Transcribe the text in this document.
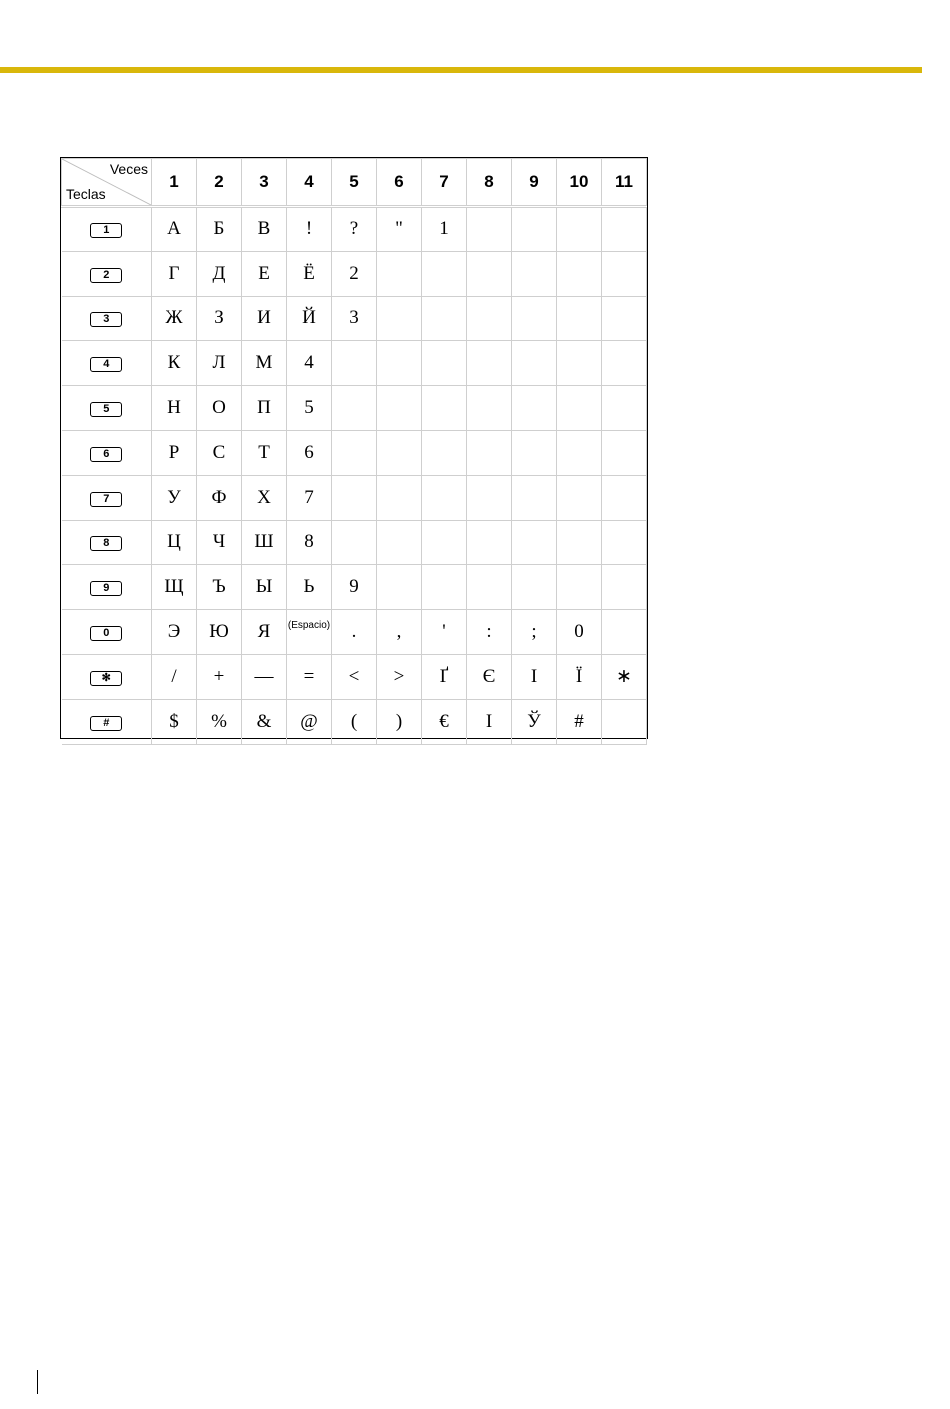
Veces
Teclas	1	2	3	4	5	6	7	8	9	10	11
1	А	Б	В	!	?	"	1				
2	Г	Д	Е	Ё	2						
3	Ж	З	И	Й	3						
4	К	Л	М	4							
5	Н	О	П	5							
6	Р	С	Т	6							
7	У	Ф	Х	7							
8	Ц	Ч	Ш	8							
9	Щ	Ъ	Ы	Ь	9						
0	Э	Ю	Я	(Espacio)	.	,	'	:	;	0	
✻	/	+	—	=	<	>	Ґ	Є	І	Ї	∗
#	$	%	&	@	(	)	€	I	Ў	#	
